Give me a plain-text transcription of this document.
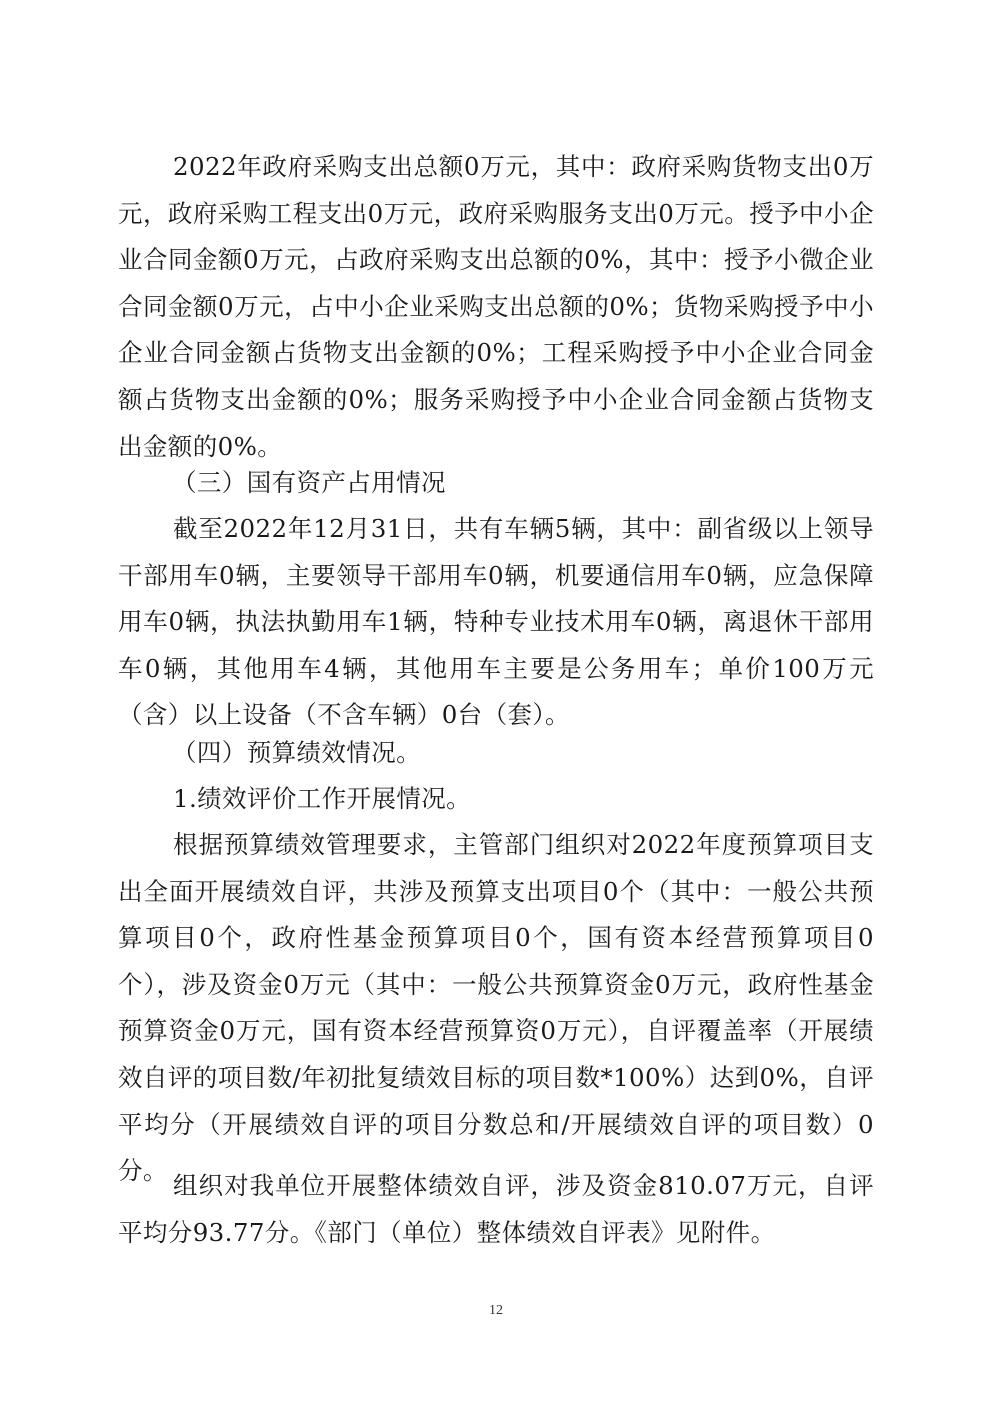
2022年政府采购支出总额0万元，其中：政府采购货物支出0万元，政府采购工程支出0万元，政府采购服务支出0万元。授予中小企业合同金额0万元，占政府采购支出总额的0%，其中：授予小微企业合同金额0万元，占中小企业采购支出总额的0%；货物采购授予中小企业合同金额占货物支出金额的0%；工程采购授予中小企业合同金额占货物支出金额的0%；服务采购授予中小企业合同金额占货物支出金额的0%。

（三）国有资产占用情况

截至2022年12月31日，共有车辆5辆，其中：副省级以上领导干部用车0辆，主要领导干部用车0辆，机要通信用车0辆，应急保障用车0辆，执法执勤用车1辆，特种专业技术用车0辆，离退休干部用车0辆，其他用车4辆，其他用车主要是公务用车；单价100万元（含）以上设备（不含车辆）0台（套）。

（四）预算绩效情况。

1.绩效评价工作开展情况。

根据预算绩效管理要求，主管部门组织对2022年度预算项目支出全面开展绩效自评，共涉及预算支出项目0个（其中：一般公共预算项目0个，政府性基金预算项目0个，国有资本经营预算项目0个），涉及资金0万元（其中：一般公共预算资金0万元，政府性基金预算资金0万元，国有资本经营预算资0万元），自评覆盖率（开展绩效自评的项目数/年初批复绩效目标的项目数*100%）达到0%，自评平均分（开展绩效自评的项目分数总和/开展绩效自评的项目数）0分。

组织对我单位开展整体绩效自评，涉及资金810.07万元，自评平均分93.77分。《部门（单位）整体绩效自评表》见附件。

12
